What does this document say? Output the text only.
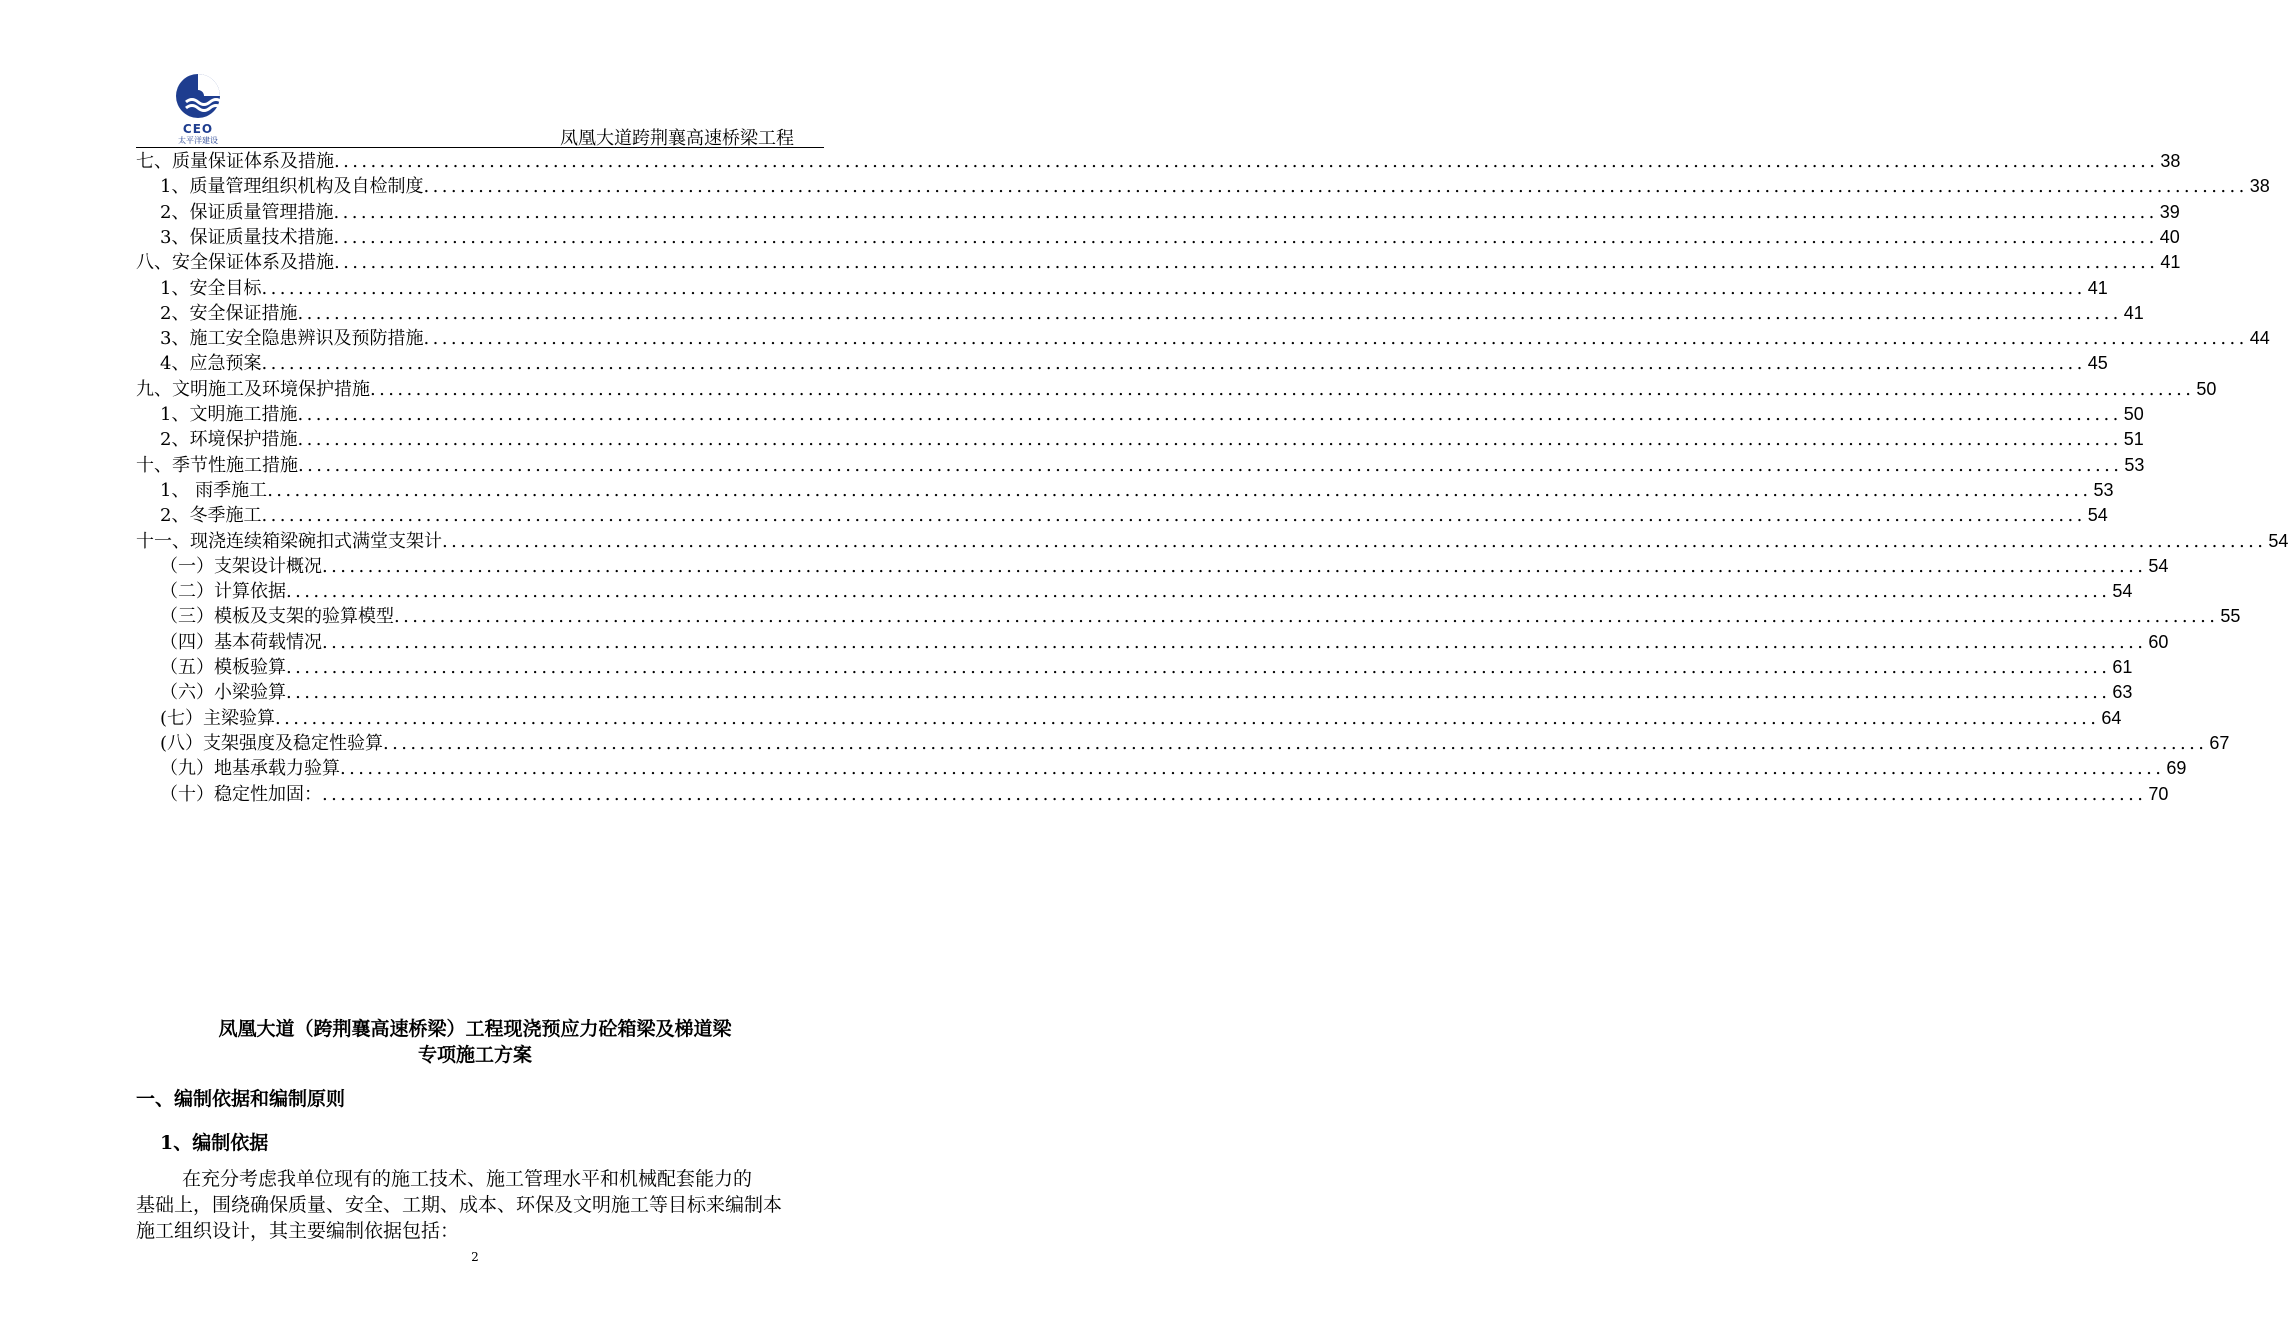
CEO
太平洋建设	凤凰大道跨荆襄高速桥梁工程
七、质量保证体系及措施 ........................................................................................................................................................................................................ 38
1、质量管理组织机构及自检制度 ........................................................................................................................................................................................................ 38
2、保证质量管理措施 ........................................................................................................................................................................................................ 39
3、保证质量技术措施 ........................................................................................................................................................................................................ 40
八、安全保证体系及措施 ........................................................................................................................................................................................................ 41
1、安全目标 ........................................................................................................................................................................................................ 41
2、安全保证措施 ........................................................................................................................................................................................................ 41
3、施工安全隐患辨识及预防措施 ........................................................................................................................................................................................................ 44
4、应急预案 ........................................................................................................................................................................................................ 45
九、文明施工及环境保护措施 ........................................................................................................................................................................................................ 50
1、文明施工措施 ........................................................................................................................................................................................................ 50
2、环境保护措施 ........................................................................................................................................................................................................ 51
十、季节性施工措施 ........................................................................................................................................................................................................ 53
1、 雨季施工 ........................................................................................................................................................................................................ 53
2、冬季施工 ........................................................................................................................................................................................................ 54
十一、现浇连续箱梁碗扣式满堂支架计 ........................................................................................................................................................................................................ 54
（一）支架设计概况 ........................................................................................................................................................................................................ 54
（二）计算依据 ........................................................................................................................................................................................................ 54
（三）模板及支架的验算模型 ........................................................................................................................................................................................................ 55
（四）基本荷载情况 ........................................................................................................................................................................................................ 60
（五）模板验算 ........................................................................................................................................................................................................ 61
（六）小梁验算 ........................................................................................................................................................................................................ 63
(七）主梁验算 ........................................................................................................................................................................................................ 64
(八）支架强度及稳定性验算 ........................................................................................................................................................................................................ 67
（九）地基承载力验算 ........................................................................................................................................................................................................ 69
（十）稳定性加固： ........................................................................................................................................................................................................ 70
凤凰大道（跨荆襄高速桥梁）工程现浇预应力砼箱梁及梯道梁
专项施工方案
一、编制依据和编制原则
1、编制依据
在充分考虑我单位现有的施工技术、施工管理水平和机械配套能力的
基础上，围绕确保质量、安全、工期、成本、环保及文明施工等目标来编制本
施工组织设计，其主要编制依据包括：
2
